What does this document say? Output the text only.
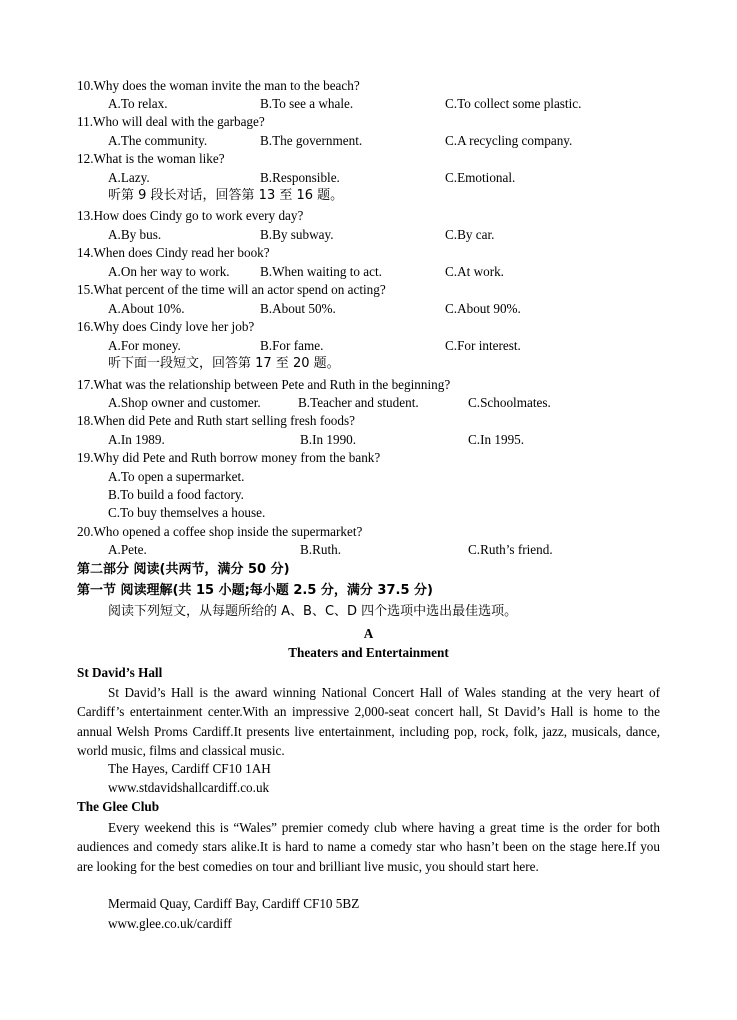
10.Why does the woman invite the man to the beach?
A.To relax.	B.To see a whale.	C.To collect some plastic.
11.Who will deal with the garbage?
A.The community.	B.The government.	C.A recycling company.
12.What is the woman like?
A.Lazy.	B.Responsible.	C.Emotional.
听第 9 段长对话，回答第 13 至 16 题。
13.How does Cindy go to work every day?
A.By bus.	B.By subway.	C.By car.
14.When does Cindy read her book?
A.On her way to work. B.When waiting to act.	C.At work.
15.What percent of the time will an actor spend on acting?
A.About 10%.	B.About 50%.	C.About 90%.
16.Why does Cindy love her job?
A.For money.	B.For fame.	C.For interest.
听下面一段短文，回答第 17 至 20 题。
17.What was the relationship between Pete and Ruth in the beginning?
A.Shop owner and customer.	B.Teacher and student.	C.Schoolmates.
18.When did Pete and Ruth start selling fresh foods?
A.In 1989.	B.In 1990.	C.In 1995.
19.Why did Pete and Ruth borrow money from the bank?
A.To open a supermarket.
B.To build a food factory.
C.To buy themselves a house.
20.Who opened a coffee shop inside the supermarket?
A.Pete.	B.Ruth.	C.Ruth’s friend.
第二部分 阅读(共两节，满分 50 分)
第一节 阅读理解(共 15 小题;每小题 2.5 分，满分 37.5 分)
阅读下列短文，从每题所给的 A、B、C、D 四个选项中选出最佳选项。
A
Theaters and Entertainment
St David’s Hall
St David’s Hall is the award winning National Concert Hall of Wales standing at the very heart of Cardiff’s entertainment center.With an impressive 2,000-seat concert hall, St David’s Hall is home to the annual Welsh Proms Cardiff.It presents live entertainment, including pop, rock, folk, jazz, musicals, dance, world music, films and classical music.
The Hayes, Cardiff CF10 1AH
www.stdavidshallcardiff.co.uk
The Glee Club
Every weekend this is “Wales” premier comedy club where having a great time is the order for both audiences and comedy stars alike.It is hard to name a comedy star who hasn’t been on the stage here.If you are looking for the best comedies on tour and brilliant live music, you should start here.
Mermaid Quay, Cardiff Bay, Cardiff CF10 5BZ
www.glee.co.uk/cardiff
